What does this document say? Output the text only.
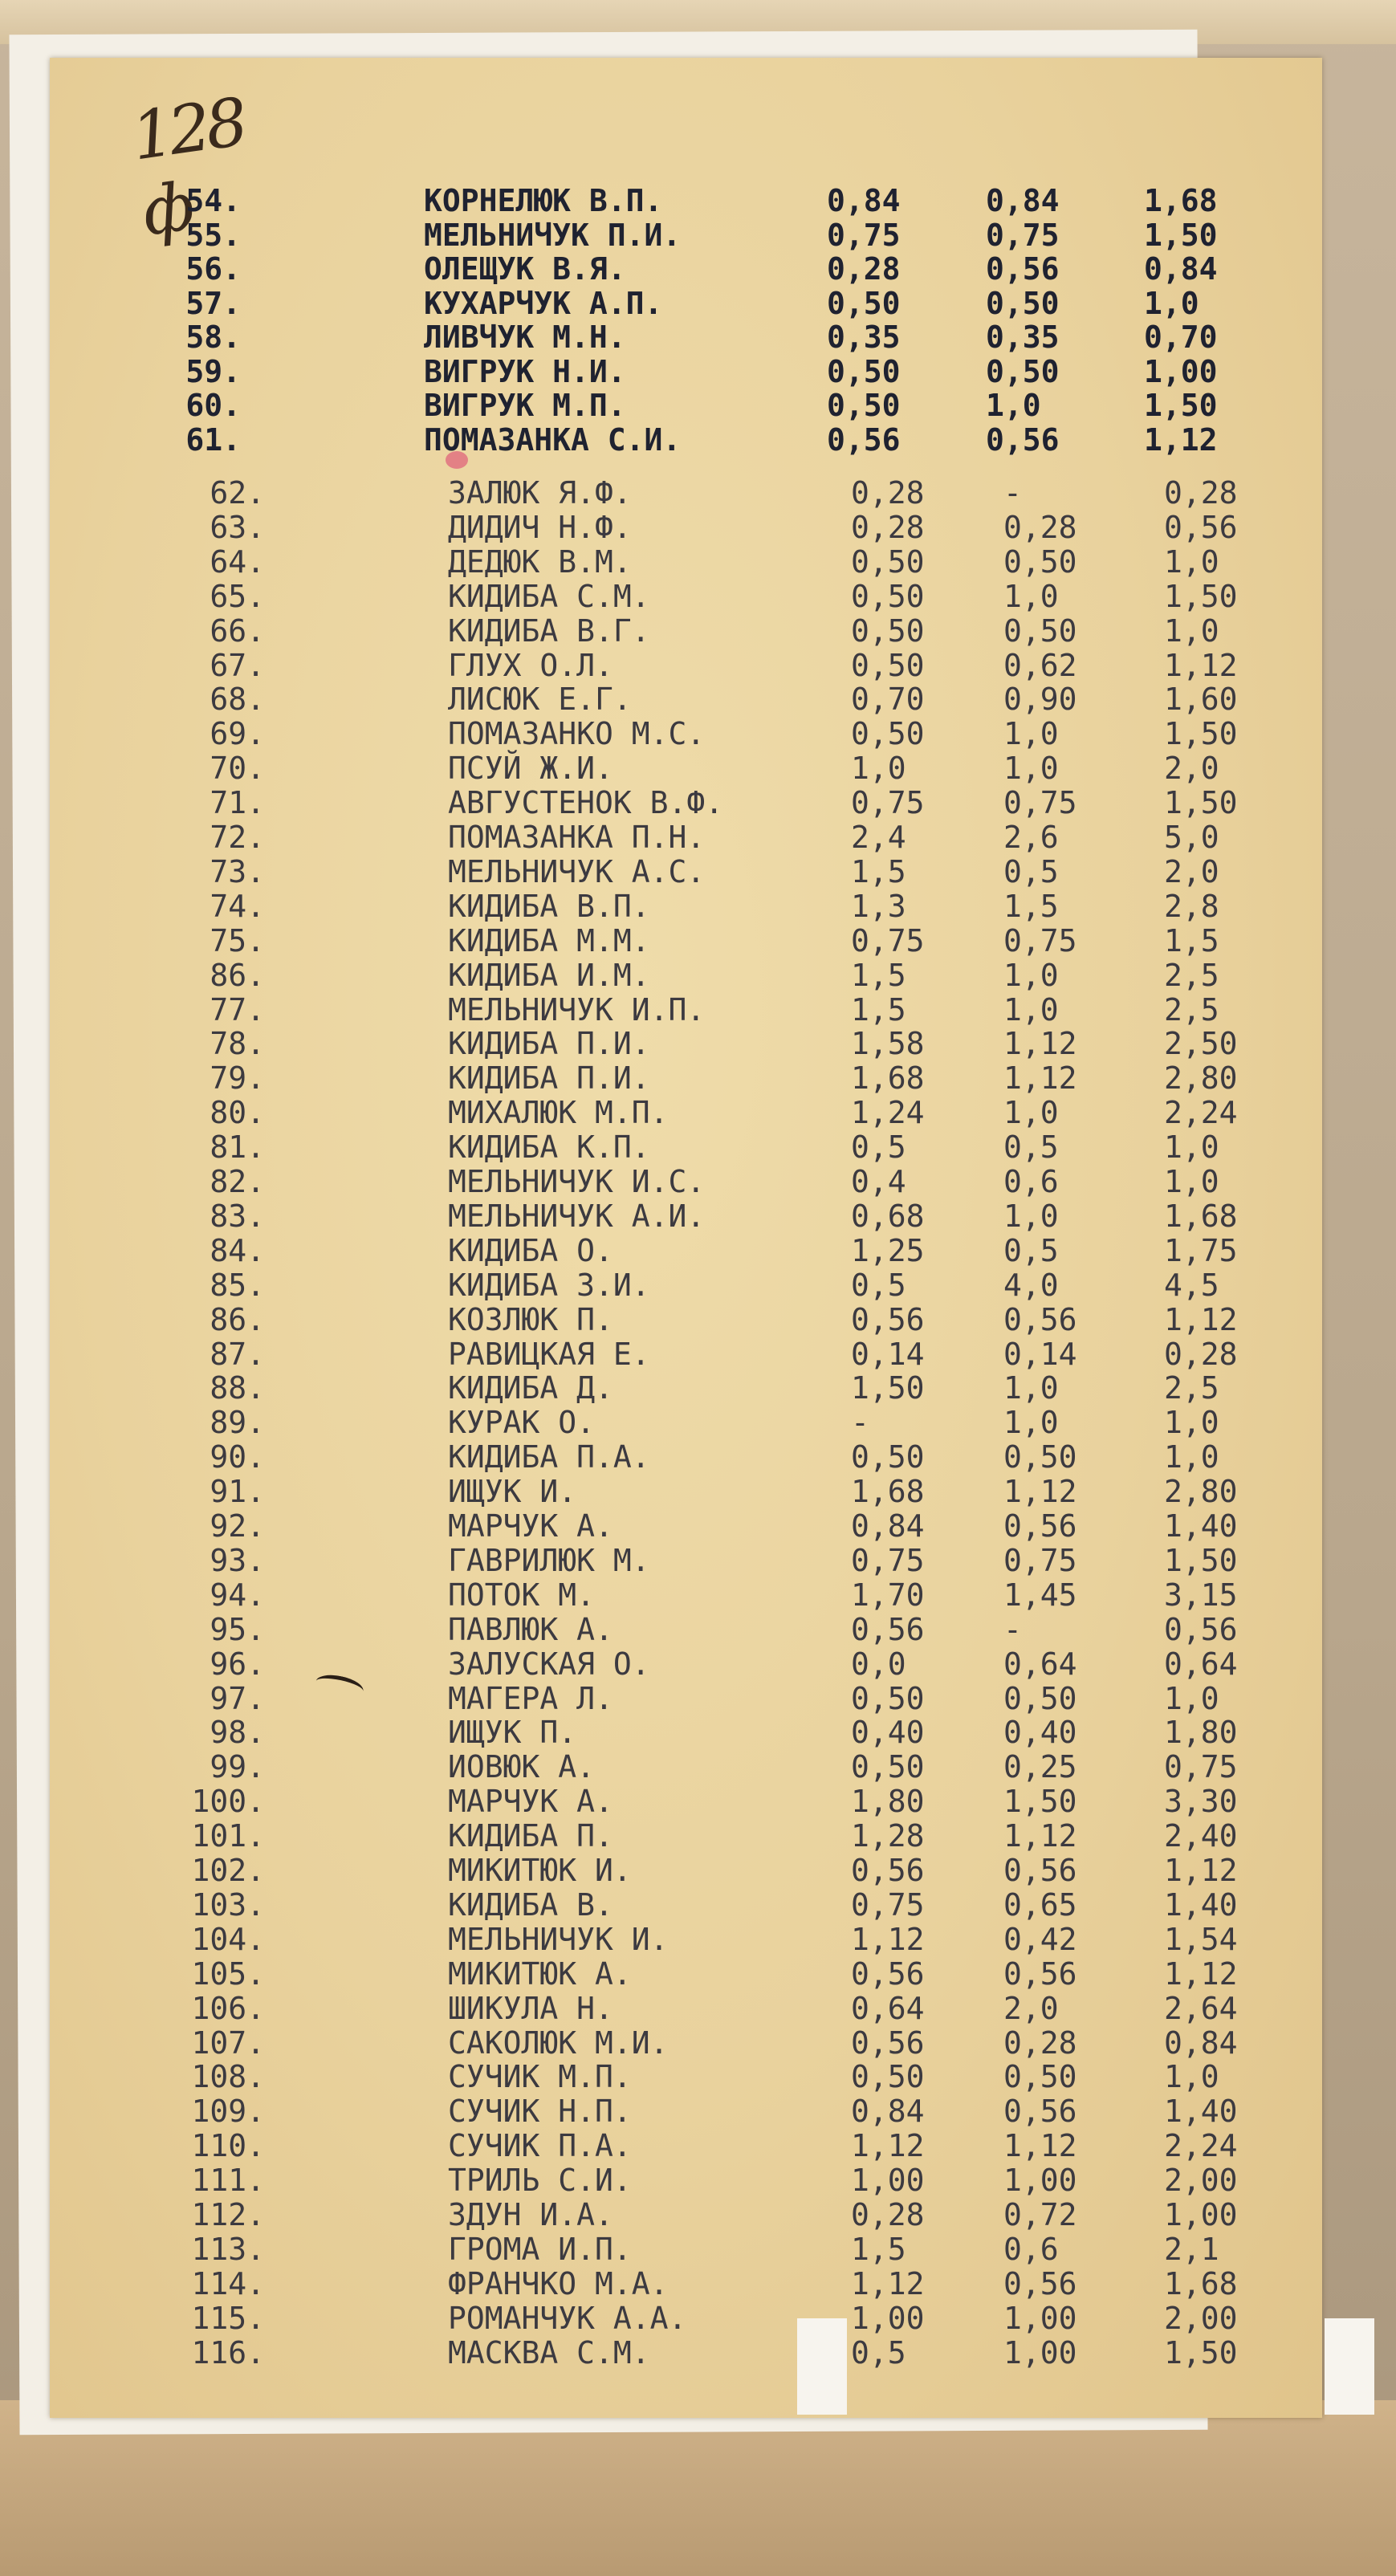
128 ф
54.	КОРНЕЛЮК В.П.	0,84	0,84	1,68
55.	МЕЛЬНИЧУК П.И.	0,75	0,75	1,50
56.	ОЛЕЩУК В.Я.	0,28	0,56	0,84
57.	КУХАРЧУК А.П.	0,50	0,50	1,0
58.	ЛИВЧУК М.Н.	0,35	0,35	0,70
59.	ВИГРУК Н.И.	0,50	0,50	1,00
60.	ВИГРУК М.П.	0,50	1,0	1,50
61.	ПОМАЗАНКА С.И.	0,56	0,56	1,12
62.	ЗАЛЮК Я.Ф.	0,28	-	0,28
63.	ДИДИЧ Н.Ф.	0,28	0,28	0,56
64.	ДЕДЮК В.М.	0,50	0,50	1,0
65.	КИДИБА С.М.	0,50	1,0	1,50
66.	КИДИБА В.Г.	0,50	0,50	1,0
67.	ГЛУХ О.Л.	0,50	0,62	1,12
68.	ЛИСЮК Е.Г.	0,70	0,90	1,60
69.	ПОМАЗАНКО М.С.	0,50	1,0	1,50
70.	ПСУЙ Ж.И.	1,0	1,0	2,0
71.	АВГУСТЕНОК В.Ф.	0,75	0,75	1,50
72.	ПОМАЗАНКА П.Н.	2,4	2,6	5,0
73.	МЕЛЬНИЧУК А.С.	1,5	0,5	2,0
74.	КИДИБА В.П.	1,3	1,5	2,8
75.	КИДИБА М.М.	0,75	0,75	1,5
86.	КИДИБА И.М.	1,5	1,0	2,5
77.	МЕЛЬНИЧУК И.П.	1,5	1,0	2,5
78.	КИДИБА П.И.	1,58	1,12	2,50
79.	КИДИБА П.И.	1,68	1,12	2,80
80.	МИХАЛЮК М.П.	1,24	1,0	2,24
81.	КИДИБА К.П.	0,5	0,5	1,0
82.	МЕЛЬНИЧУК И.С.	0,4	0,6	1,0
83.	МЕЛЬНИЧУК А.И.	0,68	1,0	1,68
84.	КИДИБА О.	1,25	0,5	1,75
85.	КИДИБА З.И.	0,5	4,0	4,5
86.	КОЗЛЮК П.	0,56	0,56	1,12
87.	РАВИЦКАЯ Е.	0,14	0,14	0,28
88.	КИДИБА Д.	1,50	1,0	2,5
89.	КУРАК О.	-	1,0	1,0
90.	КИДИБА П.А.	0,50	0,50	1,0
91.	ИЩУК И.	1,68	1,12	2,80
92.	МАРЧУК А.	0,84	0,56	1,40
93.	ГАВРИЛЮК М.	0,75	0,75	1,50
94.	ПОТОК М.	1,70	1,45	3,15
95.	ПАВЛЮК А.	0,56	-	0,56
96.	ЗАЛУСКАЯ О.	0,0	0,64	0,64
97.	МАГЕРА Л.	0,50	0,50	1,0
98.	ИЩУК П.	0,40	0,40	1,80
99.	ИОВЮК А.	0,50	0,25	0,75
100.	МАРЧУК А.	1,80	1,50	3,30
101.	КИДИБА П.	1,28	1,12	2,40
102.	МИКИТЮК И.	0,56	0,56	1,12
103.	КИДИБА В.	0,75	0,65	1,40
104.	МЕЛЬНИЧУК И.	1,12	0,42	1,54
105.	МИКИТЮК А.	0,56	0,56	1,12
106.	ШИКУЛА Н.	0,64	2,0	2,64
107.	САКОЛЮК М.И.	0,56	0,28	0,84
108.	СУЧИК М.П.	0,50	0,50	1,0
109.	СУЧИК Н.П.	0,84	0,56	1,40
110.	СУЧИК П.А.	1,12	1,12	2,24
111.	ТРИЛЬ С.И.	1,00	1,00	2,00
112.	ЗДУН И.А.	0,28	0,72	1,00
113.	ГРОМА И.П.	1,5	0,6	2,1
114.	ФРАНЧКО М.А.	1,12	0,56	1,68
115.	РОМАНЧУК А.А.	1,00	1,00	2,00
116.	МАСКВА С.М.	0,5	1,00	1,50
